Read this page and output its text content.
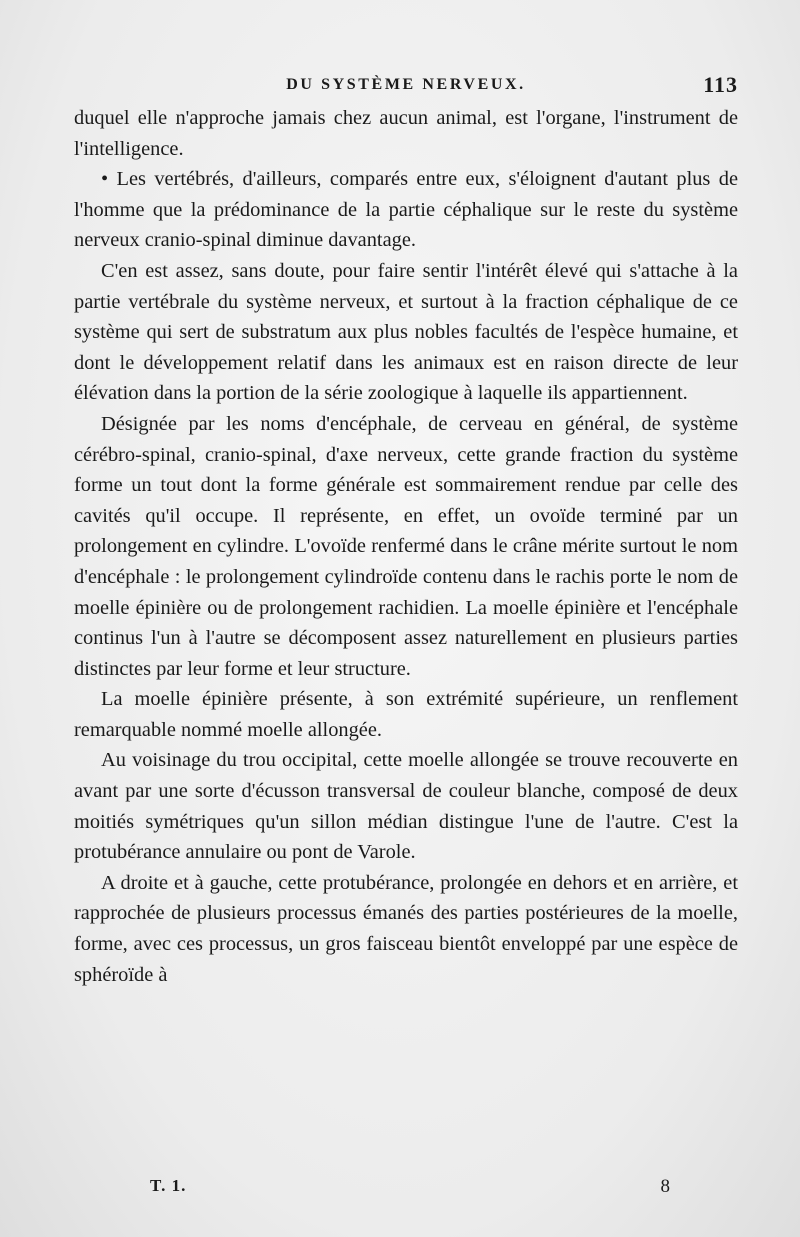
DU SYSTÈME NERVEUX.	113

duquel elle n'approche jamais chez aucun animal, est l'organe, l'instrument de l'intelligence.

• Les vertébrés, d'ailleurs, comparés entre eux, s'éloignent d'autant plus de l'homme que la prédominance de la partie céphalique sur le reste du système nerveux cranio-spinal diminue davantage.

C'en est assez, sans doute, pour faire sentir l'intérêt élevé qui s'attache à la partie vertébrale du système nerveux, et surtout à la fraction céphalique de ce système qui sert de substratum aux plus nobles facultés de l'espèce humaine, et dont le développement relatif dans les animaux est en raison directe de leur élévation dans la portion de la série zoologique à laquelle ils appartiennent.

Désignée par les noms d'encéphale, de cerveau en général, de système cérébro-spinal, cranio-spinal, d'axe nerveux, cette grande fraction du système forme un tout dont la forme générale est sommairement rendue par celle des cavités qu'il occupe. Il représente, en effet, un ovoïde terminé par un prolongement en cylindre. L'ovoïde renfermé dans le crâne mérite surtout le nom d'encéphale : le prolongement cylindroïde contenu dans le rachis porte le nom de moelle épinière ou de prolongement rachidien. La moelle épinière et l'encéphale continus l'un à l'autre se décomposent assez naturellement en plusieurs parties distinctes par leur forme et leur structure.

La moelle épinière présente, à son extrémité supérieure, un renflement remarquable nommé moelle allongée.

Au voisinage du trou occipital, cette moelle allongée se trouve recouverte en avant par une sorte d'écusson transversal de couleur blanche, composé de deux moitiés symétriques qu'un sillon médian distingue l'une de l'autre. C'est la protubérance annulaire ou pont de Varole.

A droite et à gauche, cette protubérance, prolongée en dehors et en arrière, et rapprochée de plusieurs processus émanés des parties postérieures de la moelle, forme, avec ces processus, un gros faisceau bientôt enveloppé par une espèce de sphéroïde à

T. 1.	8
